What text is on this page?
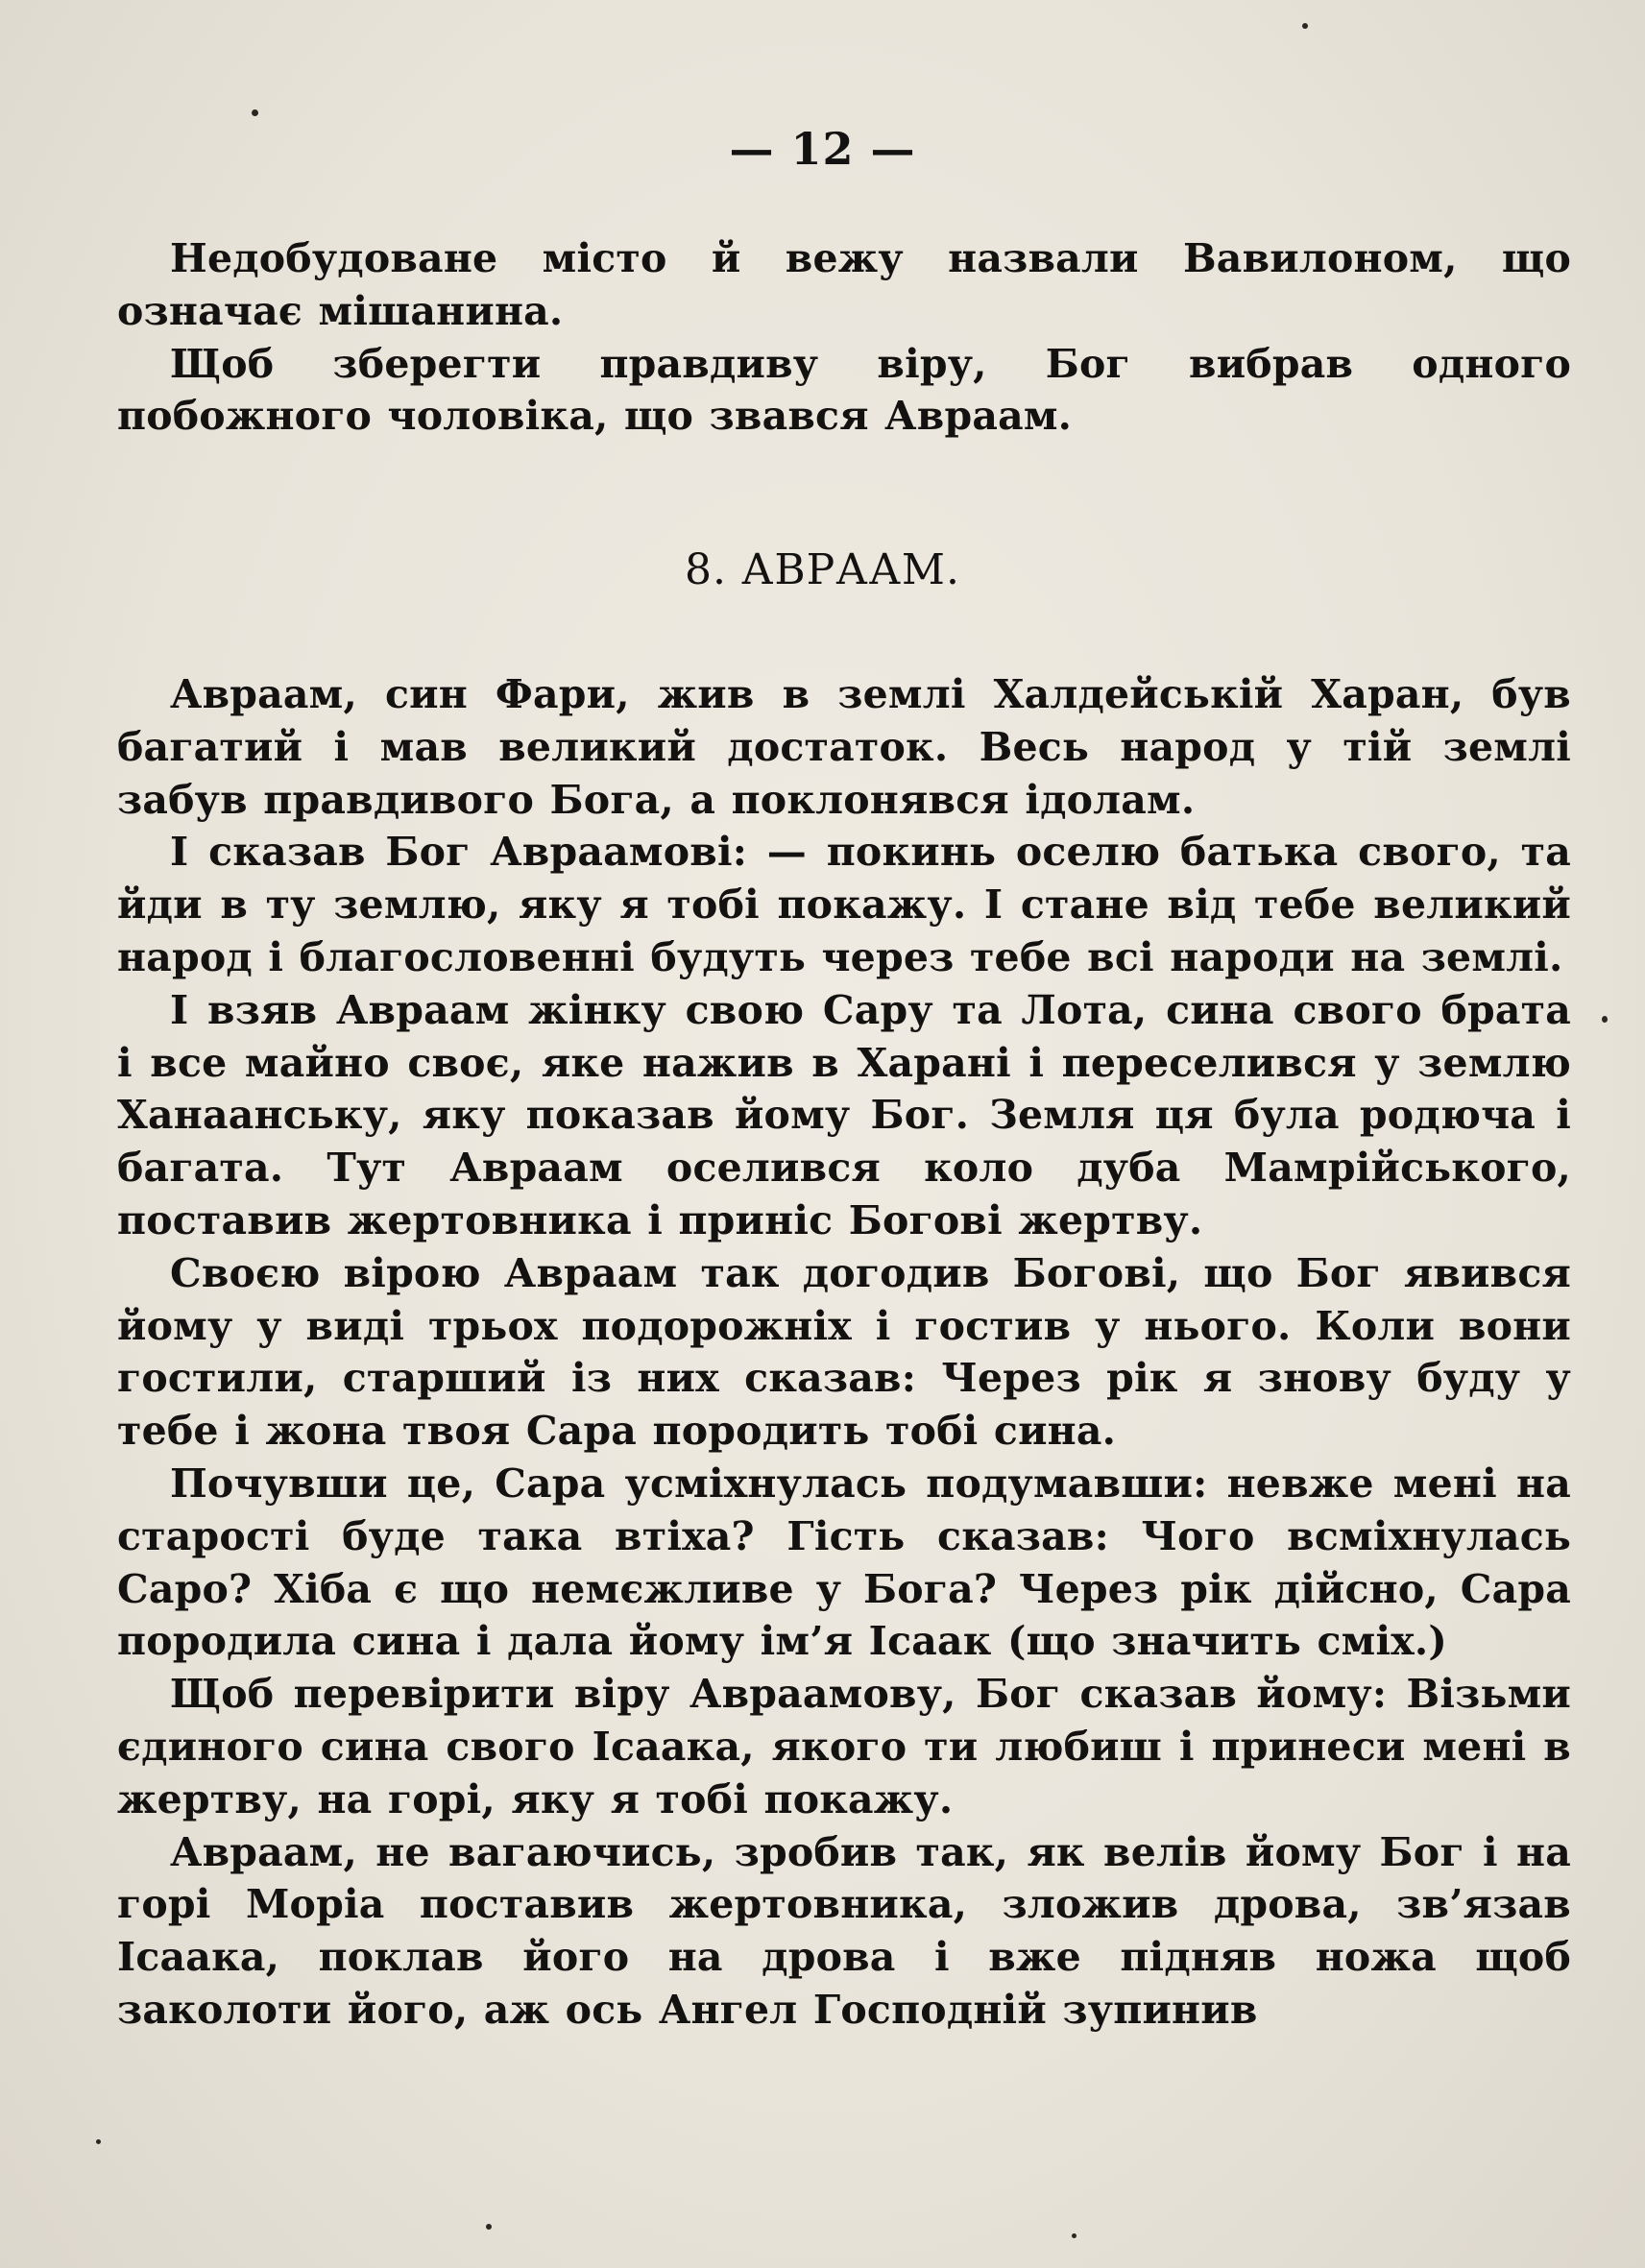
— 12 —

Недобудоване місто й вежу назвали Вавилоном, що означає мішанина.

Щоб зберегти правдиву віру, Бог вибрав одного побожного чоловіка, що звався Авраам.

8. АВРААМ.

Авраам, син Фари, жив в землі Халдейській Харан, був багатий і мав великий достаток. Весь народ у тій землі забув правдивого Бога, а поклонявся ідолам.

І сказав Бог Авраамові: — покинь оселю батька свого, та йди в ту землю, яку я тобі покажу. І стане від тебе великий народ і благословенні будуть через тебе всі народи на землі.

І взяв Авраам жінку свою Сару та Лота, сина свого брата і все майно своє, яке нажив в Харані і переселився у землю Ханаанську, яку показав йому Бог. Земля ця була родюча і багата. Тут Авраам оселився коло дуба Мамрійського, поставив жертовника і приніс Богові жертву.

Своєю вірою Авраам так догодив Богові, що Бог явився йому у виді трьох подорожніх і гостив у нього. Коли вони гостили, старший із них сказав: Через рік я знову буду у тебе і жона твоя Сара породить тобі сина.

Почувши це, Сара усміхнулась подумавши: невже мені на старості буде така втіха? Гість сказав: Чого всміхнулась Саро? Хіба є що немєжливе у Бога? Через рік дійсно, Сара породила сина і дала йому ім’я Ісаак (що значить сміх.)

Щоб перевірити віру Авраамову, Бог сказав йому: Візьми єдиного сина свого Ісаака, якого ти любиш і принеси мені в жертву, на горі, яку я тобі покажу.

Авраам, не вагаючись, зробив так, як велів йому Бог і на горі Моріа поставив жертовника, зложив дрова, зв’язав Ісаака, поклав його на дрова і вже підняв ножа щоб заколоти його, аж ось Ангел Господній зупинив
